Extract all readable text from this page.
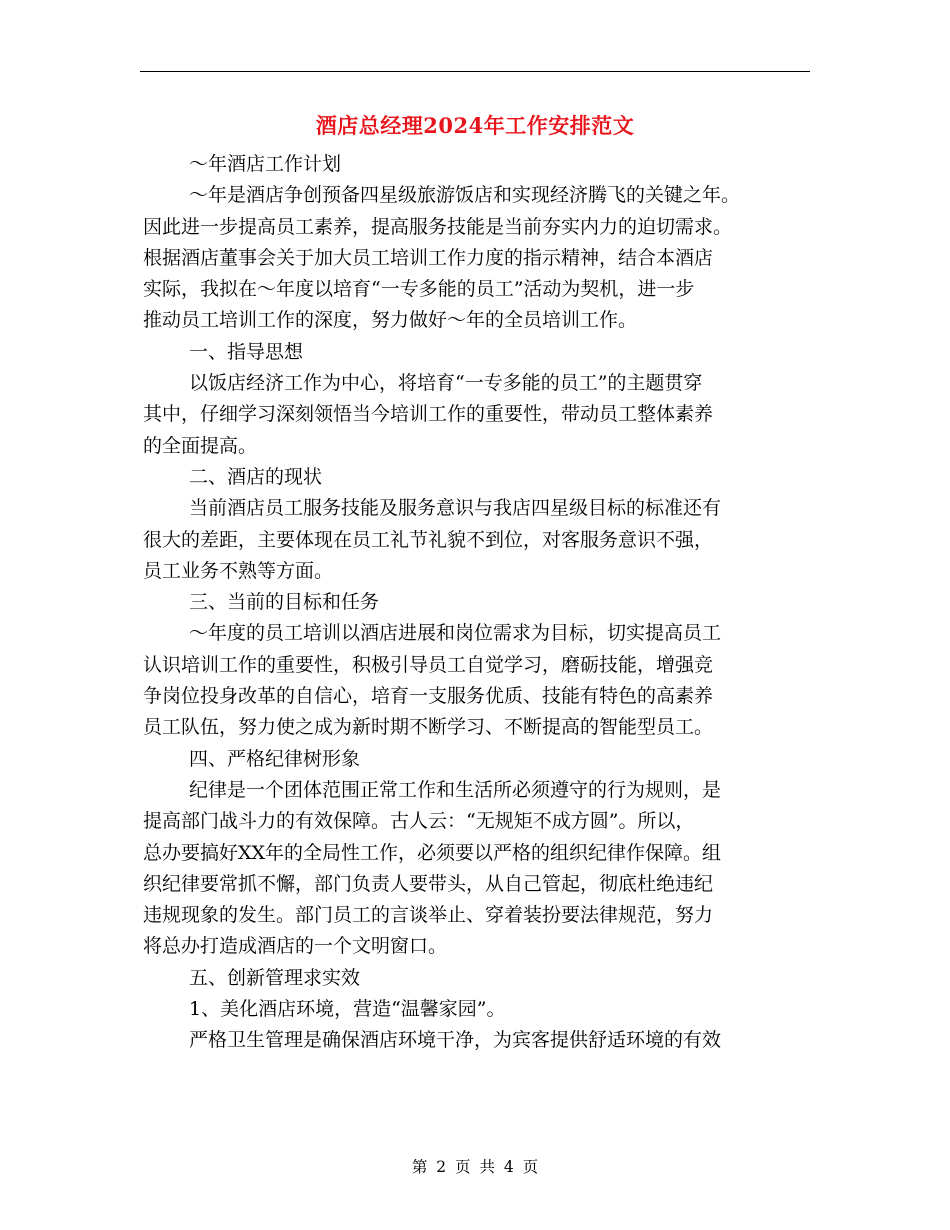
酒店总经理2024年工作安排范文

～年酒店工作计划

～年是酒店争创预备四星级旅游饭店和实现经济腾飞的关键之年。

因此进一步提高员工素养，提高服务技能是当前夯实内力的迫切需求。

根据酒店董事会关于加大员工培训工作力度的指示精神，结合本酒店

实际，我拟在～年度以培育“一专多能的员工”活动为契机，进一步

推动员工培训工作的深度，努力做好～年的全员培训工作。

一、指导思想

以饭店经济工作为中心，将培育“一专多能的员工”的主题贯穿

其中，仔细学习深刻领悟当今培训工作的重要性，带动员工整体素养

的全面提高。

二、酒店的现状

当前酒店员工服务技能及服务意识与我店四星级目标的标准还有

很大的差距，主要体现在员工礼节礼貌不到位，对客服务意识不强，

员工业务不熟等方面。

三、当前的目标和任务

～年度的员工培训以酒店进展和岗位需求为目标，切实提高员工

认识培训工作的重要性，积极引导员工自觉学习，磨砺技能，增强竞

争岗位投身改革的自信心，培育一支服务优质、技能有特色的高素养

员工队伍，努力使之成为新时期不断学习、不断提高的智能型员工。

四、严格纪律树形象

纪律是一个团体范围正常工作和生活所必须遵守的行为规则，是

提高部门战斗力的有效保障。古人云：“无规矩不成方圆”。所以，

总办要搞好XX年的全局性工作，必须要以严格的组织纪律作保障。组

织纪律要常抓不懈，部门负责人要带头，从自己管起，彻底杜绝违纪

违规现象的发生。部门员工的言谈举止、穿着装扮要法律规范，努力

将总办打造成酒店的一个文明窗口。

五、创新管理求实效

1、美化酒店环境，营造“温馨家园”。

严格卫生管理是确保酒店环境干净，为宾客提供舒适环境的有效

第 2 页 共 4 页
